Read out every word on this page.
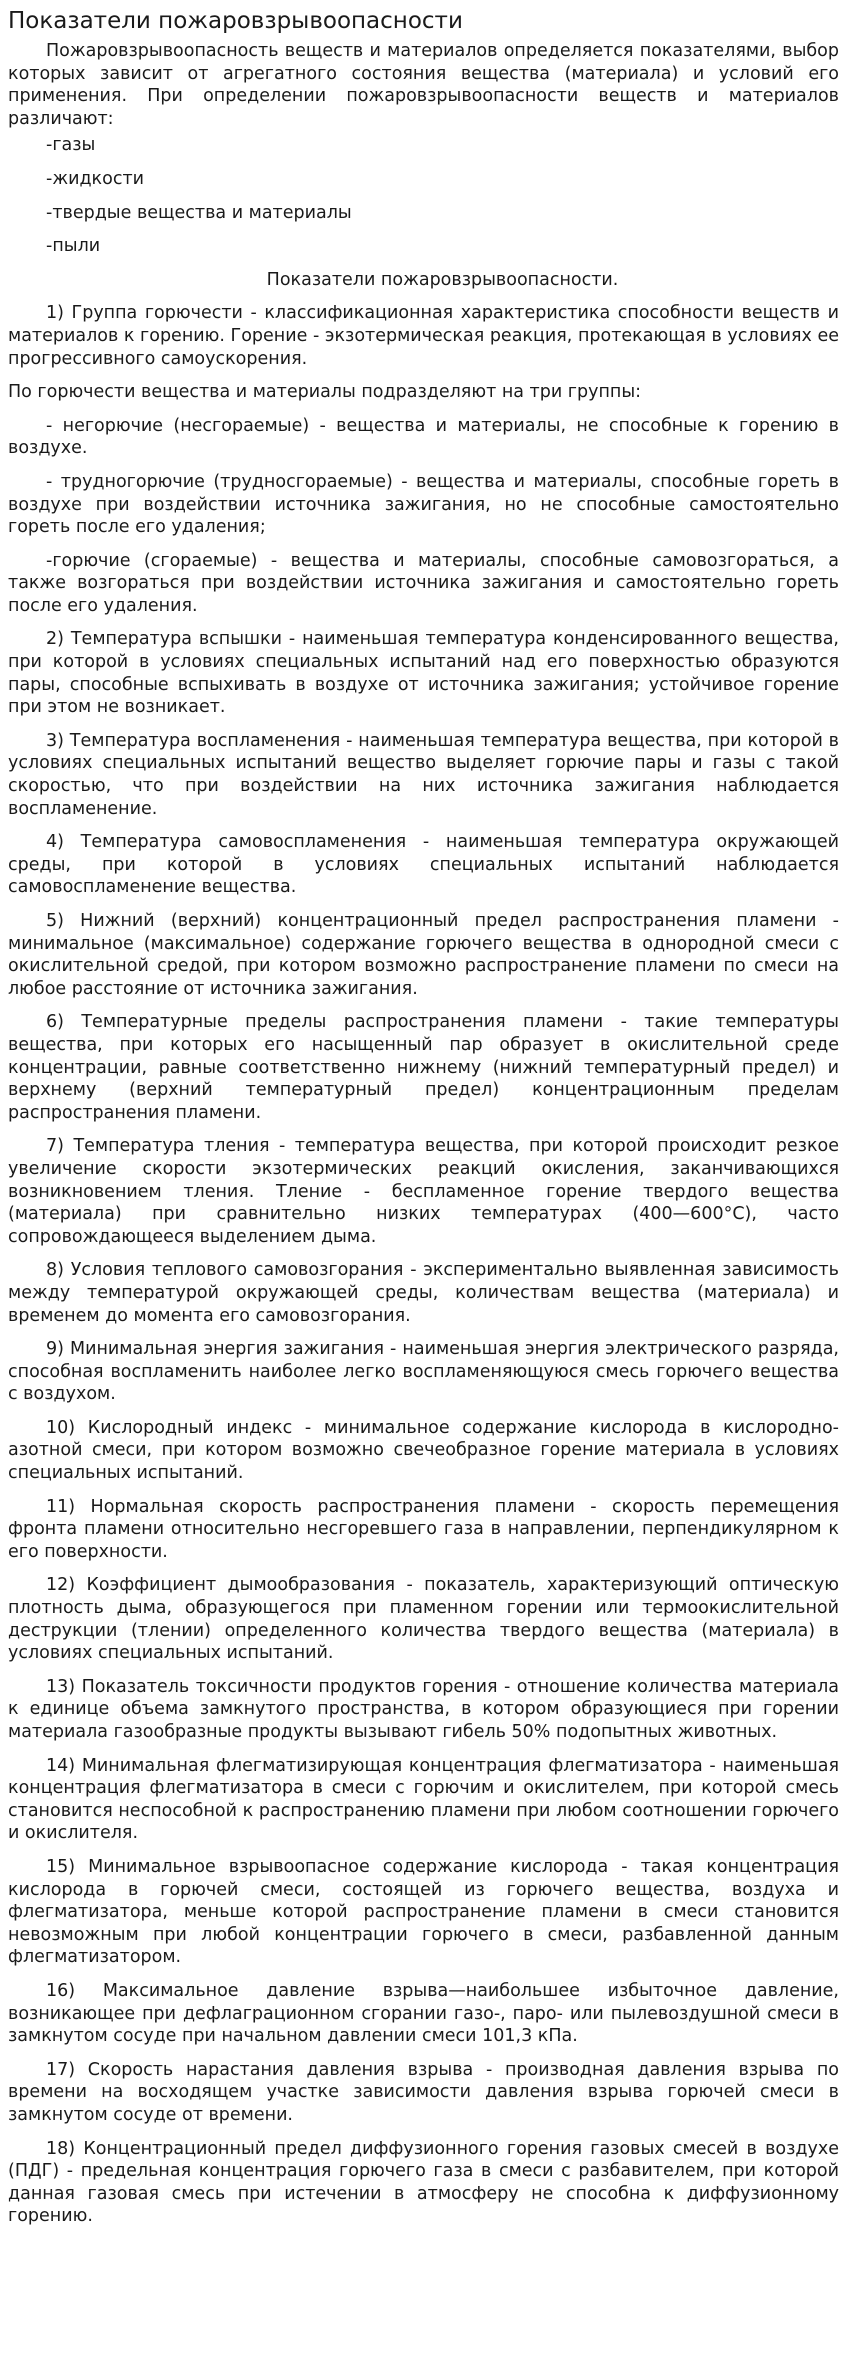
Показатели пожаровзрывоопасности

Пожаровзрывоопасность веществ и материалов определяется показателями, выбор которых зависит от агрегатного состояния вещества (материала) и условий его применения. При определении пожаровзрывоопасности веществ и материалов различают:

-газы
-жидкости
-твердые вещества и материалы
-пыли

Показатели пожаровзрывоопасности.

1) Группа горючести - классификационная характеристика способности веществ и материалов к горению. Горение - экзотермическая реакция, протекающая в условиях ее прогрессивного самоускорения.

По горючести вещества и материалы подразделяют на три группы:

- негорючие (несгораемые) - вещества и материалы, не способные к горению в воздухе.

- трудногорючие (трудносгораемые) - вещества и материалы, способные гореть в воздухе при воздействии источника зажигания, но не способные самостоятельно гореть после его удаления;

-горючие (сгораемые) - вещества и материалы, способные самовозгораться, а также возгораться при воздействии источника зажигания и самостоятельно гореть после его удаления.

2) Температура вспышки - наименьшая температура конденсированного вещества, при которой в условиях специальных испытаний над его поверхностью образуются пары, способные вспыхивать в воздухе от источника зажигания; устойчивое горение при этом не возникает.

3) Температура воспламенения - наименьшая температура вещества, при которой в условиях специальных испытаний вещество выделяет горючие пары и газы с такой скоростью, что при воздействии на них источника зажигания наблюдается воспламенение.

4) Температура самовоспламенения - наименьшая температура окружающей среды, при которой в условиях специальных испытаний наблюдается самовоспламенение вещества.

5) Нижний (верхний) концентрационный предел распространения пламени - минимальное (максимальное) содержание горючего вещества в однородной смеси с окислительной средой, при котором возможно распространение пламени по смеси на любое расстояние от источника зажигания.

6) Температурные пределы распространения пламени - такие температуры вещества, при которых его насыщенный пар образует в окислительной среде концентрации, равные соответственно нижнему (нижний температурный предел) и верхнему (верхний температурный предел) концентрационным пределам распространения пламени.

7) Температура тления - температура вещества, при которой происходит резкое увеличение скорости экзотермических реакций окисления, заканчивающихся возникновением тления. Тление - беспламенное горение твердого вещества (материала) при сравнительно низких температурах (400—600°С), часто сопровождающееся выделением дыма.

8) Условия теплового самовозгорания - экспериментально выявленная зависимость между температурой окружающей среды, количествам вещества (материала) и временем до момента его самовозгорания.

9) Минимальная энергия зажигания - наименьшая энергия электрического разряда, способная воспламенить наиболее легко воспламеняющуюся смесь горючего вещества с воздухом.

10) Кислородный индекс - минимальное содержание кислорода в кислородно-азотной смеси, при котором возможно свечеобразное горение материала в условиях специальных испытаний.

11) Нормальная скорость распространения пламени - скорость перемещения фронта пламени относительно несгоревшего газа в направлении, перпендикулярном к его поверхности.

12) Коэффициент дымообразования - показатель, характеризующий оптическую плотность дыма, образующегося при пламенном горении или термоокислительной деструкции (тлении) определенного количества твердого вещества (материала) в условиях специальных испытаний.

13) Показатель токсичности продуктов горения - отношение количества материала к единице объема замкнутого пространства, в котором образующиеся при горении материала газообразные продукты вызывают гибель 50% подопытных животных.

14) Минимальная флегматизирующая концентрация флегматизатора - наименьшая концентрация флегматизатора в смеси с горючим и окислителем, при которой смесь становится неспособной к распространению пламени при любом соотношении горючего и окислителя.

15) Минимальное взрывоопасное содержание кислорода - такая концентрация кислорода в горючей смеси, состоящей из горючего вещества, воздуха и флегматизатора, меньше которой распространение пламени в смеси становится невозможным при любой концентрации горючего в смеси, разбавленной данным флегматизатором.

16) Максимальное давление взрыва—наибольшее избыточное давление, возникающее при дефлаграционном сгорании газо-, паро- или пылевоздушной смеси в замкнутом сосуде при начальном давлении смеси 101,3 кПа.

17) Скорость нарастания давления взрыва - производная давления взрыва по времени на восходящем участке зависимости давления взрыва горючей смеси в замкнутом сосуде от времени.

18) Концентрационный предел диффузионного горения газовых смесей в воздухе (ПДГ) - предельная концентрация горючего газа в смеси с разбавителем, при которой данная газовая смесь при истечении в атмосферу не способна к диффузионному горению.
